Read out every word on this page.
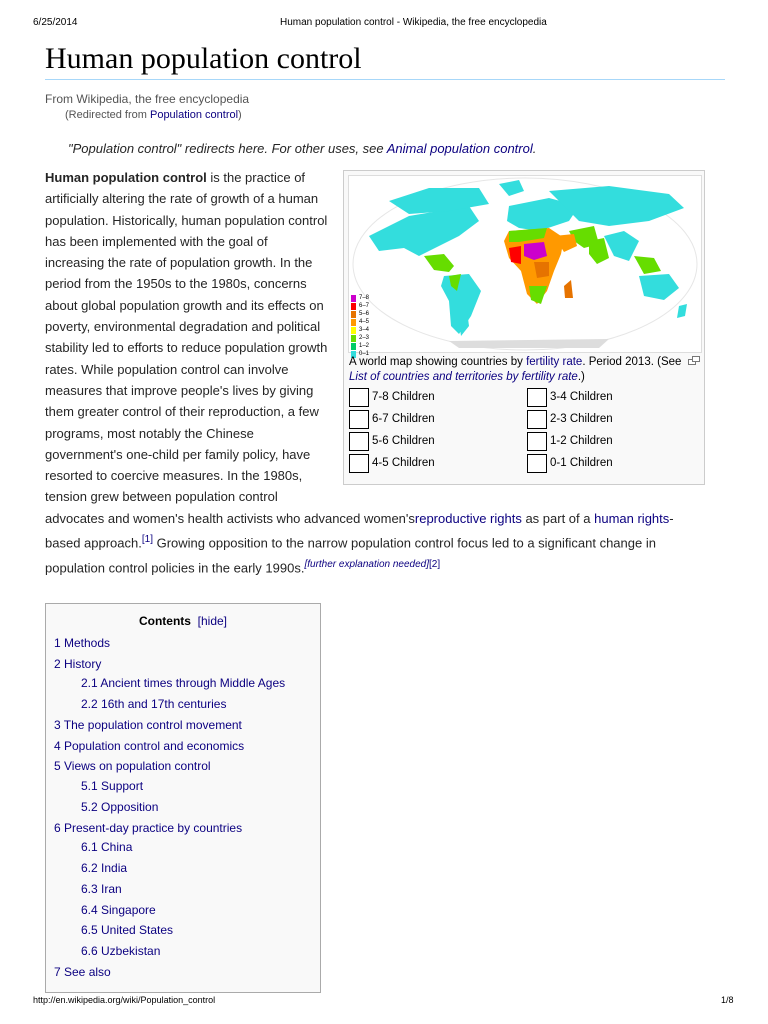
6/25/2014	Human population control - Wikipedia, the free encyclopedia
Human population control
From Wikipedia, the free encyclopedia
(Redirected from Population control)
"Population control" redirects here. For other uses, see Animal population control.
7–8
6–7
5–6
4–5
3–4
2–3
1–2
0–1
A world map showing countries by fertility rate. Period 2013. (See List of countries and territories by fertility rate.)
7-8 Children
6-7 Children
5-6 Children
4-5 Children
3-4 Children
2-3 Children
1-2 Children
0-1 Children
Human population control is the practice of artificially altering the rate of growth of a human population. Historically, human population control has been implemented with the goal of increasing the rate of population growth. In the period from the 1950s to the 1980s, concerns about global population growth and its effects on poverty, environmental degradation and political stability led to efforts to reduce population growth rates. While population control can involve measures that improve people's lives by giving them greater control of their reproduction, a few programs, most notably the Chinese government's one-child per family policy, have resorted to coercive measures. In the 1980s, tension grew between population control advocates and women's health activists who advanced women'sreproductive rights as part of a human rights-based approach.[1] Growing opposition to the narrow population control focus led to a significant change in population control policies in the early 1990s.[further explanation needed][2]
Contents [hide]
1 Methods
2 History
2.1 Ancient times through Middle Ages
2.2 16th and 17th centuries
3 The population control movement
4 Population control and economics
5 Views on population control
5.1 Support
5.2 Opposition
6 Present-day practice by countries
6.1 China
6.2 India
6.3 Iran
6.4 Singapore
6.5 United States
6.6 Uzbekistan
7 See also
http://en.wikipedia.org/wiki/Population_control	1/8
